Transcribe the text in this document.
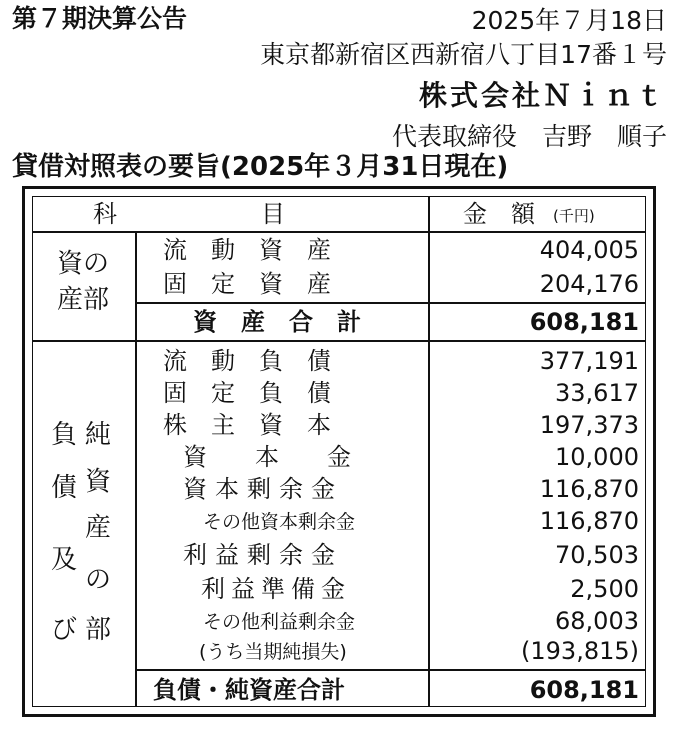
第７期決算公告	2025年７月18日
東京都新宿区西新宿八丁目17番１号
株式会社Ｎｉｎｔ
代表取締役　吉野　順子
貸借対照表の要旨(2025年３月31日現在)
科　　　　　　目	金　額 (千円)
資の
産部
流　動　資　産	404,005
固　定　資　産	204,176
資　産　合　計	608,181
負
債
及
び
純
資
産
の
部
流　動　負　債	377,191
固　定　負　債	33,617
株　主　資　本	197,373
資　　本　　金	10,000
資本剰余金	116,870
その他資本剰余金	116,870
利益剰余金	70,503
利益準備金	2,500
その他利益剰余金	68,003
(うち当期純損失)	(193,815)
負債・純資産合計	608,181
